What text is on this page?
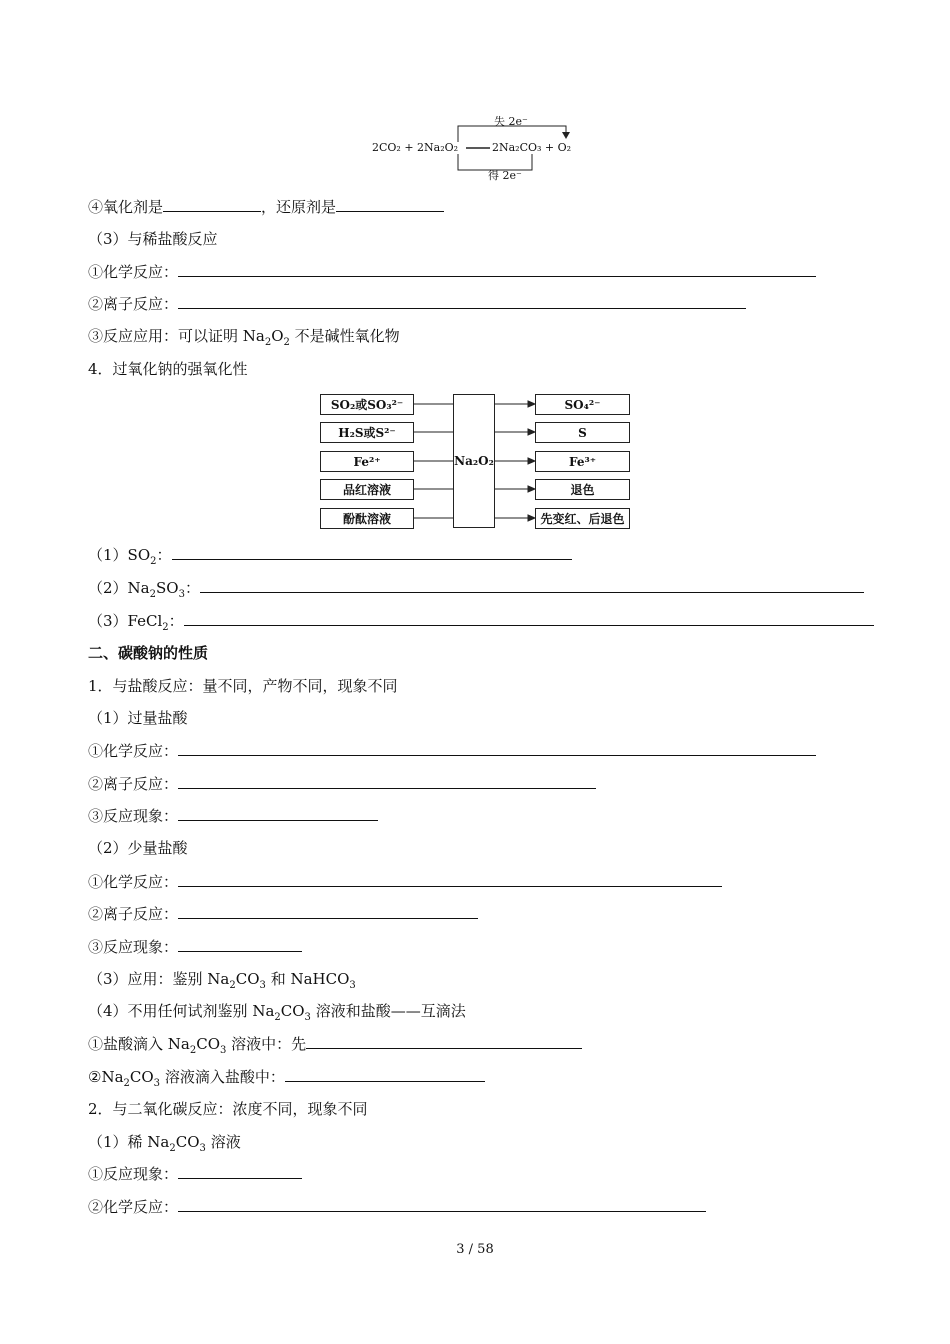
2CO₂ + 2Na₂O₂	2Na₂CO₃ + O₂
失 2e⁻
得 2e⁻
④氧化剂是	，还原剂是
（3）与稀盐酸反应
①化学反应：
②离子反应：
③反应应用：可以证明 $Na_2O_2$ 不是碱性氧化物
4．过氧化钠的强氧化性
SO₂或SO₃²⁻
H₂S或S²⁻
Fe²⁺
品红溶液
酚酞溶液
Na₂O₂
SO₄²⁻
S
Fe³⁺
退色
先变红、后退色
$(1)SO_2$：
$(2)Na_2SO_3$：
（3）FeCl$_2$：
二、碳酸钠的性质
1．与盐酸反应：量不同，产物不同，现象不同
（1）过量盐酸
①化学反应：
②离子反应：
③反应现象：
（2）少量盐酸
①化学反应：
②离子反应：
③反应现象：
（3）应用：鉴别 $Na_2CO_3$ 和 NaHCO$_3$
（4）不用任何试剂鉴别 $Na_2CO_3$ 溶液和盐酸——互滴法
①盐酸滴入 $Na_2CO_3$ 溶液中：先
$②Na_2CO_3$ 溶液滴入盐酸中：
2．与二氧化碳反应：浓度不同，现象不同
（1）稀 $Na_2CO_3$ 溶液
①反应现象：
②化学反应：
3 / 58
